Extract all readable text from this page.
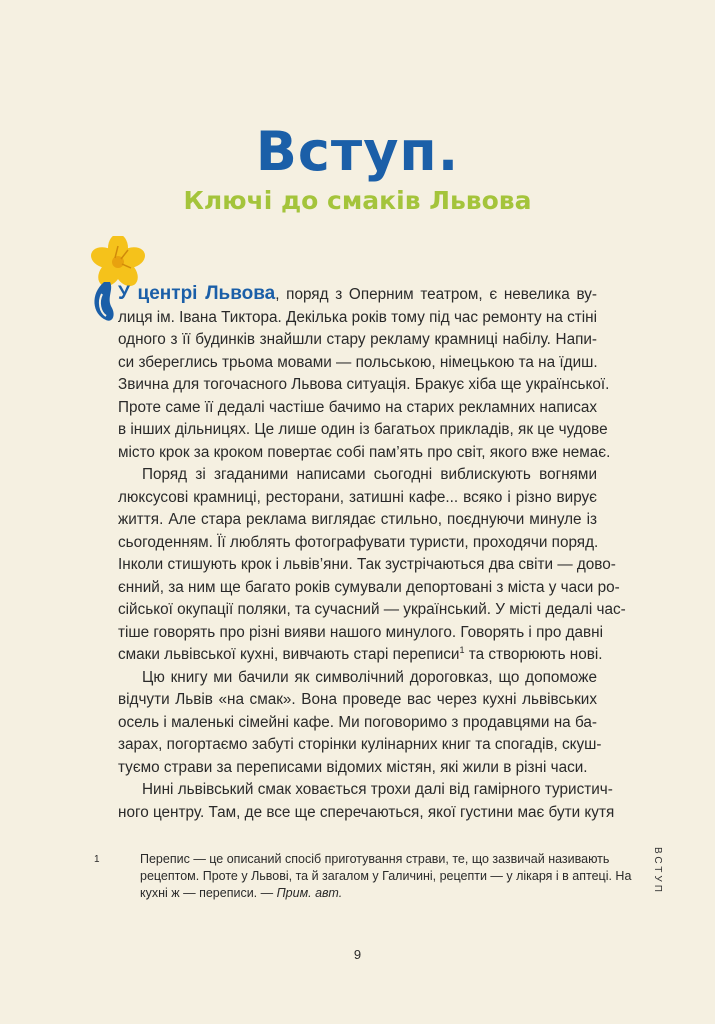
Вступ.
Ключі до смаків Львова
У центрі Львова, поряд з Оперним театром, є невелика ву-
лиця ім. Івана Тиктора. Декілька років тому під час ремонту на стіні
одного з її будинків знайшли стару рекламу крамниці набілу. Напи-
си збереглись трьома мовами — польською, німецькою та на їдиш.
Звична для тогочасного Львова ситуація. Бракує хіба ще української.
Проте саме її дедалі частіше бачимо на старих рекламних написах
в інших дільницях. Це лише один із багатьох прикладів, як це чудове
місто крок за кроком повертає собі пам’ять про світ, якого вже немає.
Поряд зі згаданими написами сьогодні виблискують вогнями
люксусові крамниці, ресторани, затишні кафе... всяко і різно вирує
життя. Але стара реклама виглядає стильно, поєднуючи минуле із
сьогоденням. Її люблять фотографувати туристи, проходячи поряд.
Інколи стишують крок і львів’яни. Так зустрічаються два світи — дово-
єнний, за ним ще багато років сумували депортовані з міста у часи ро-
сійської окупації поляки, та сучасний — український. У місті дедалі час-
тіше говорять про різні вияви нашого минулого. Говорять і про давні
смаки львівської кухні, вивчають старі переписи$^1$ та створюють нові.
Цю книгу ми бачили як символічний дороговказ, що допоможе
відчути Львів «на смак». Вона проведе вас через кухні львівських
осель і маленькі сімейні кафе. Ми поговоримо з продавцями на ба-
зарах, погортаємо забуті сторінки кулінарних книг та спогадів, скуш-
туємо страви за переписами відомих містян, які жили в різні часи.
Нині львівський смак ховається трохи далі від гамірного туристич-
ного центру. Там, де все ще сперечаються, якої густини має бути кутя
1	Перепис — це описаний спосіб приготування страви, те, що зазвичай називають
рецептом. Проте у Львові, та й загалом у Галичині, рецепти — у лікаря і в аптеці. На
кухні ж — переписи. — Прим. авт.	ВСТУП
9
